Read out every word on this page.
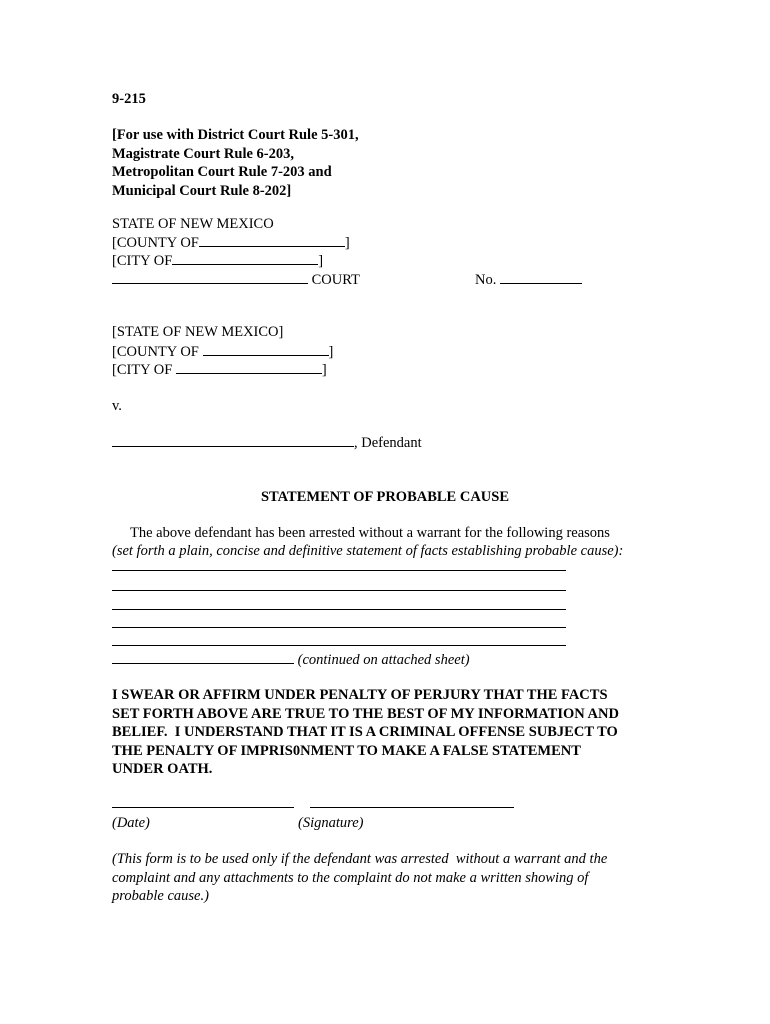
9-215
[For use with District Court Rule 5-301,
Magistrate Court Rule 6-203,
Metropolitan Court Rule 7-203 and
Municipal Court Rule 8-202]
STATE OF NEW MEXICO
[COUNTY OF	]
[CITY OF	]
COURT	No.
[STATE OF NEW MEXICO]
[COUNTY OF	]
[CITY OF	]
v.
, Defendant
STATEMENT OF PROBABLE CAUSE
The above defendant has been arrested without a warrant for the following reasons
(set forth a plain, concise and definitive statement of facts establishing probable cause):
(continued on attached sheet)
I SWEAR OR AFFIRM UNDER PENALTY OF PERJURY THAT THE FACTS
SET FORTH ABOVE ARE TRUE TO THE BEST OF MY INFORMATION AND
BELIEF.  I UNDERSTAND THAT IT IS A CRIMINAL OFFENSE SUBJECT TO
THE PENALTY OF IMPRIS0NMENT TO MAKE A FALSE STATEMENT
UNDER OATH.
(Date)	(Signature)
(This form is to be used only if the defendant was arrested  without a warrant and the
complaint and any attachments to the complaint do not make a written showing of
probable cause.)
